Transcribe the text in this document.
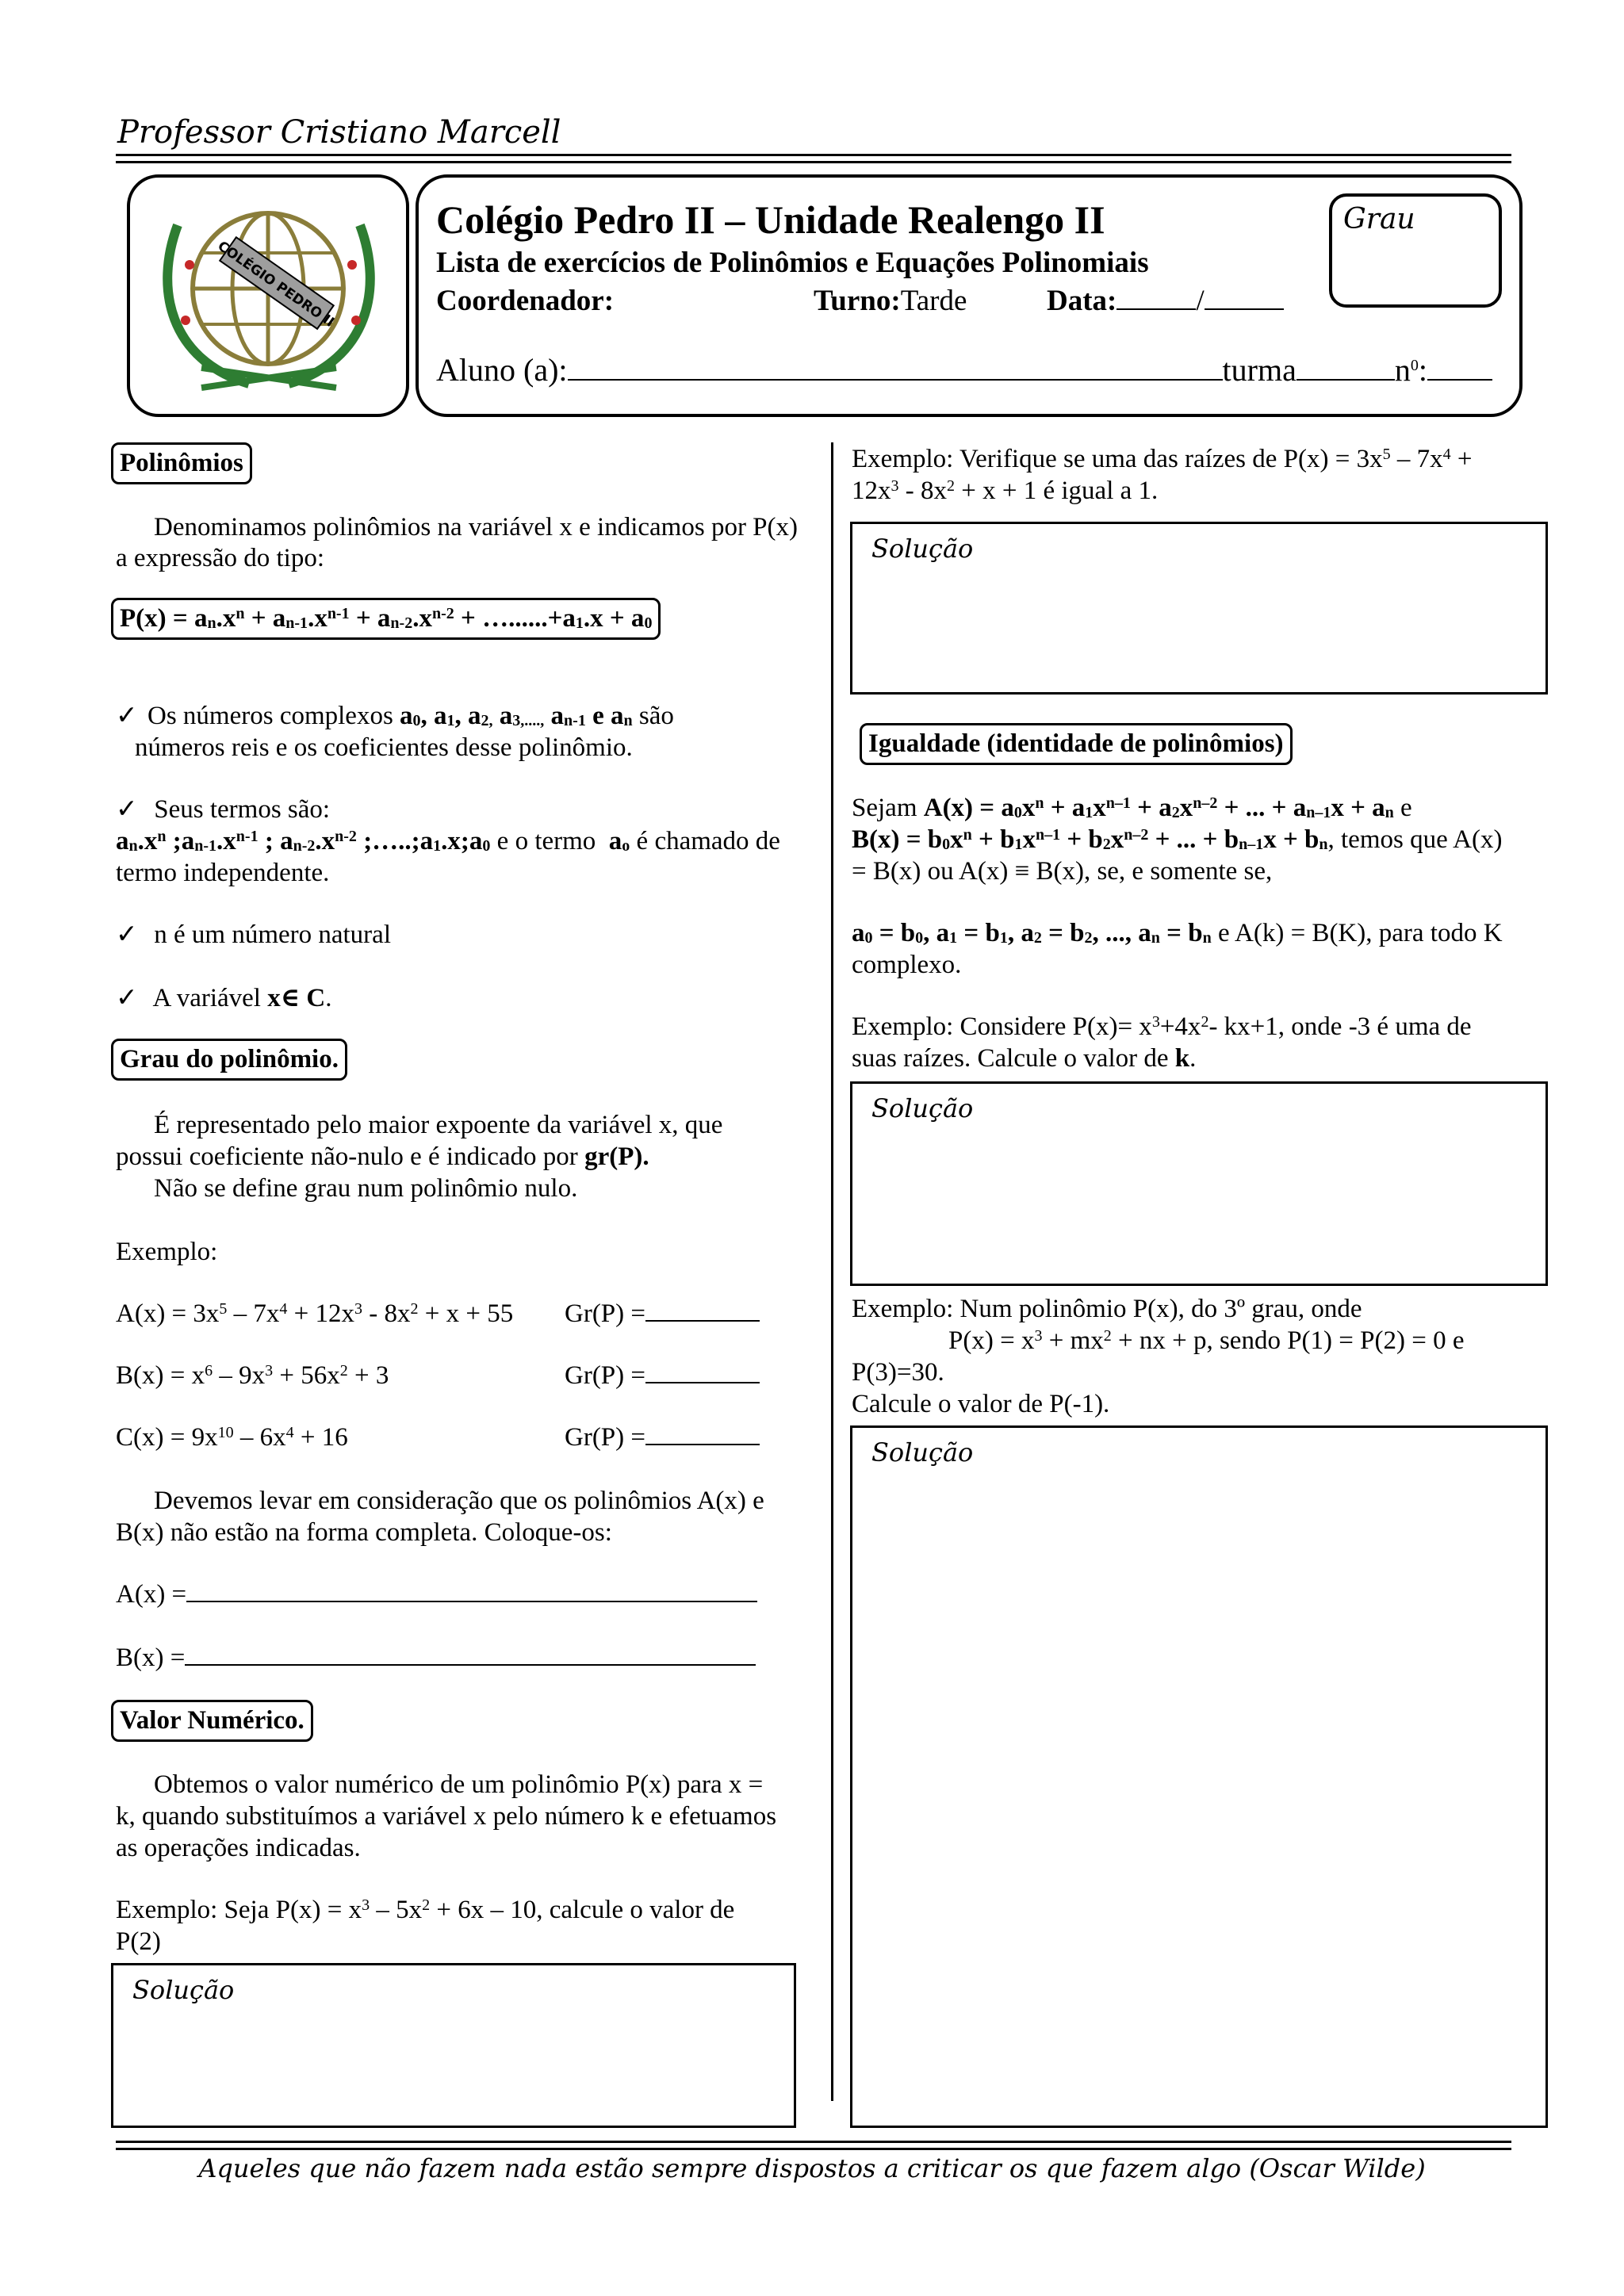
Professor Cristiano Marcell
COLÉGIO PEDRO II
Colégio Pedro II – Unidade Realengo II
Lista de exercícios de Polinômios e Equações Polinomiais
Coordenador:	Turno:Tarde	Data:	/
Aluno (a):	turma	$n^0$:
Grau
Polinômios
Denominamos polinômios na variável x e indicamos por P(x) a expressão do tipo:
$P(x) = a_n.x^n + a_{n-1}.x^{n-1} + a_{n-2}.x^{n-2}$ + $\dots......+a_1.x + a_0$
✓ Os números complexos $a_0$, $a_1$, $a_{2,}$ $a_{3,....,}$ $a_{n-1}$ e $a_n$ são
números reis e os coeficientes desse polinômio.
✓ Seus termos são:
$a_n.x^n$ $;a_{n-1}.x^{n-1}$ ; $a_{n-2}.x^{n-2}$ $;\dots..;a_1.x;a_0$ e o termo $a_o$ é chamado de
termo independente.
✓ n é um número natural
✓ A variável x∈ C.
Grau do polinômio.
É representado pelo maior expoente da variável x, que
possui coeficiente não-nulo e é indicado por gr(P).
Não se define grau num polinômio nulo.
Exemplo:
$A(x) = 3x^5 - 7x^4 + 12x^3 - 8x^2 + x + 55$ Gr(P) =
$B(x) = x^6 - 9x^3 + 56x^2 + 3$	Gr(P) =
$C(x) = 9x^{10} - 6x^4 + 16$	Gr(P) =
Devemos levar em consideração que os polinômios A(x) e
B(x) não estão na forma completa. Coloque-os:
A(x) =
B(x) =
Valor Numérico.
Obtemos o valor numérico de um polinômio P(x) para x =
k, quando substituímos a variável x pelo número k e efetuamos
as operações indicadas.
Exemplo: Seja $P(x) = x^3 - 5x^2 + 6x - 10$, calcule o valor de
P(2)
Solução
Exemplo: Verifique se uma das raízes de $P(x) = 3x^5 - 7x^4$ +
$12x^3 - 8x^2 + x + 1$ é igual a 1.
Solução
Igualdade (identidade de polinômios)
Sejam $A(x) = a_0x^n + a_1x^{n-1} + a_2x^{n-2}$ + ... + $a_{n-1}x + a_n$ e
$B(x) = b_0x^n + b_1x^{n-1} + b_2x^{n-2}$ + ... + $b_{n-1}x + b_n$, temos que A(x)
= B(x) ou A(x) ≡ B(x), se, e somente se,
$a_0 = b_0$, $a_1 = b_1$, $a_2 = b_2$, ..., $a_n = b_n$ e A(k) = B(K), para todo K
complexo.
Exemplo: Considere $P(x)= x^3+4x^2-$ kx+1, onde -3 é uma de
suas raízes. Calcule o valor de k.
Solução
Exemplo: Num polinômio P(x), do 3º grau, onde
$P(x) = x^3 + mx^2$ + nx + p, sendo P(1) = P(2) = 0 e
P(3)=30.
Calcule o valor de P(-1).
Solução
Aqueles que não fazem nada estão sempre dispostos a criticar os que fazem algo (Oscar Wilde)
